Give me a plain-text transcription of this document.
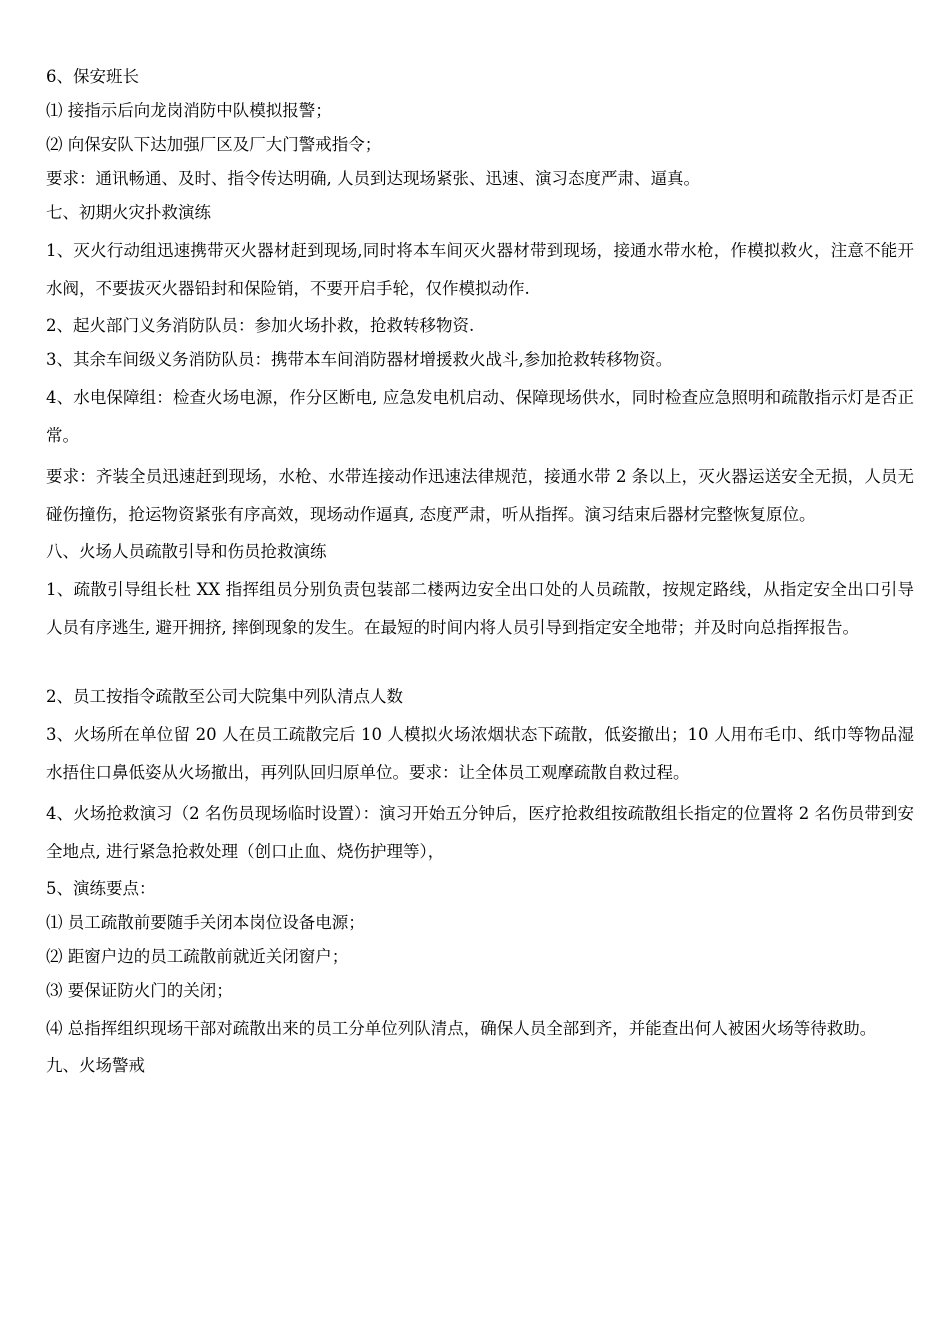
6、保安班长

⑴ 接指示后向龙岗消防中队模拟报警；

⑵ 向保安队下达加强厂区及厂大门警戒指令；

要求：通讯畅通、及时、指令传达明确, 人员到达现场紧张、迅速、演习态度严肃、逼真。

七、初期火灾扑救演练

1、灭火行动组迅速携带灭火器材赶到现场,同时将本车间灭火器材带到现场，接通水带水枪，作模拟救火，注意不能开水阀，不要拔灭火器铅封和保险销，不要开启手轮，仅作模拟动作.

2、起火部门义务消防队员：参加火场扑救，抢救转移物资.

3、其余车间级义务消防队员：携带本车间消防器材增援救火战斗,参加抢救转移物资。

4、水电保障组：检查火场电源，作分区断电, 应急发电机启动、保障现场供水，同时检查应急照明和疏散指示灯是否正常。

要求：齐装全员迅速赶到现场，水枪、水带连接动作迅速法律规范，接通水带 2 条以上，灭火器运送安全无损，人员无碰伤撞伤，抢运物资紧张有序高效，现场动作逼真, 态度严肃，听从指挥。演习结束后器材完整恢复原位。

八、火场人员疏散引导和伤员抢救演练

1、疏散引导组长杜 XX 指挥组员分别负责包装部二楼两边安全出口处的人员疏散，按规定路线，从指定安全出口引导人员有序逃生, 避开拥挤, 摔倒现象的发生。在最短的时间内将人员引导到指定安全地带；并及时向总指挥报告。

2、员工按指令疏散至公司大院集中列队清点人数

3、火场所在单位留 20 人在员工疏散完后 10 人模拟火场浓烟状态下疏散，低姿撤出；10 人用布毛巾、纸巾等物品湿水捂住口鼻低姿从火场撤出，再列队回归原单位。要求：让全体员工观摩疏散自救过程。

4、火场抢救演习（2 名伤员现场临时设置）：演习开始五分钟后，医疗抢救组按疏散组长指定的位置将 2 名伤员带到安全地点, 进行紧急抢救处理（创口止血、烧伤护理等），

5、演练要点：

⑴ 员工疏散前要随手关闭本岗位设备电源；

⑵ 距窗户边的员工疏散前就近关闭窗户；

⑶ 要保证防火门的关闭；

⑷ 总指挥组织现场干部对疏散出来的员工分单位列队清点，确保人员全部到齐，并能查出何人被困火场等待救助。

九、火场警戒
